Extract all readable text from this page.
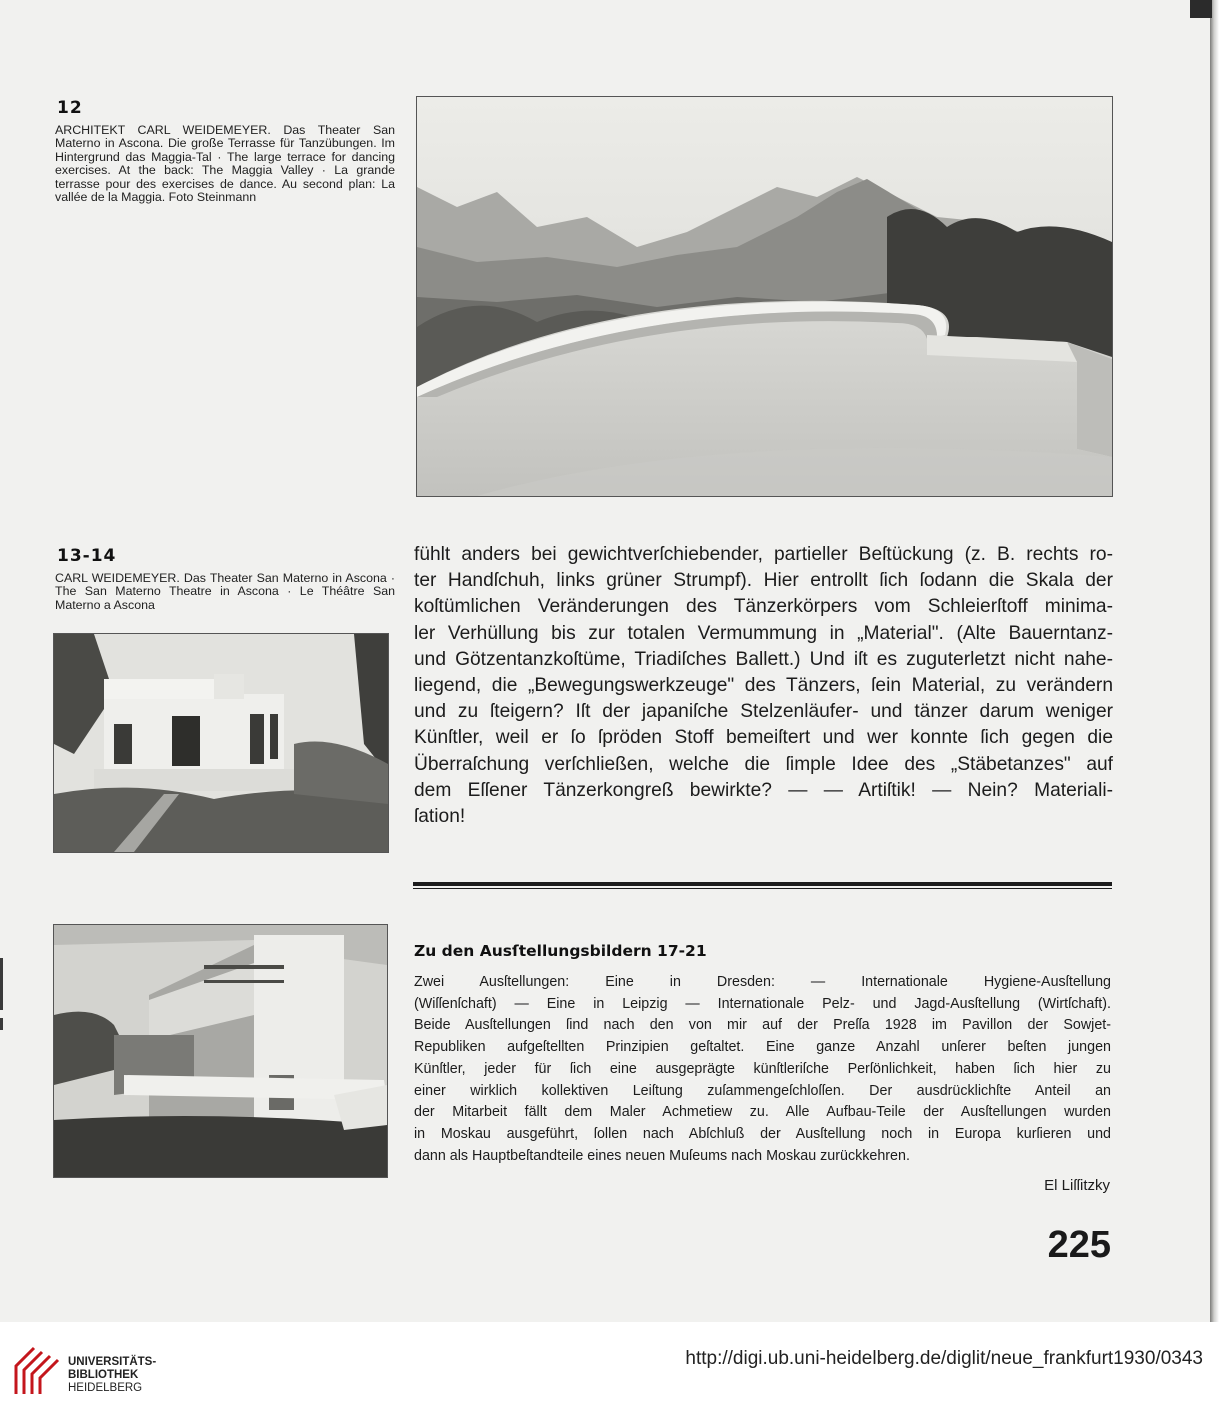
12

ARCHITEKT CARL WEIDEMEYER. Das Theater San Materno in Ascona. Die große Terrasse für Tanzübungen. Im Hintergrund das Maggia-Tal · The large terrace for dancing exercises. At the back: The Maggia Valley · La grande terrasse pour des exercises de dance. Au second plan: La vallée de la Maggia. Foto Steinmann

13-14

CARL WEIDEMEYER. Das Theater San Materno in Ascona · The San Materno Theatre in Ascona · Le Théâtre San Materno a Ascona

fühlt anders bei gewichtverſchiebender, partieller Beſtückung (z. B. rechts ro-
ter Handſchuh, links grüner Strumpf). Hier entrollt ſich ſodann die Skala der
koſtümlichen Veränderungen des Tänzerkörpers vom Schleierſtoff minima-
ler Verhüllung bis zur totalen Vermummung in „Material". (Alte Bauerntanz-
und Götzentanzkoſtüme, Triadiſches Ballett.) Und iſt es zuguterletzt nicht nahe-
liegend, die „Bewegungswerkzeuge" des Tänzers, ſein Material, zu verändern
und zu ſteigern? Iſt der japaniſche Stelzenläufer- und tänzer darum weniger
Künſtler, weil er ſo ſpröden Stoff bemeiſtert und wer konnte ſich gegen die
Überraſchung verſchließen, welche die ſimple Idee des „Stäbetanzes" auf
dem Eſſener Tänzerkongreß bewirkte? — — Artiſtik! — Nein? Materiali-
ſation!
Zu den Ausſtellungsbildern 17-21
Zwei Ausſtellungen: Eine in Dresden: — Internationale Hygiene-Ausſtellung
(Wiſſenſchaft) — Eine in Leipzig — Internationale Pelz- und Jagd-Ausſtellung (Wirtſchaft).
Beide Ausſtellungen ſind nach den von mir auf der Preſſa 1928 im Pavillon der Sowjet-
Republiken aufgeſtellten Prinzipien geſtaltet. Eine ganze Anzahl unſerer beſten jungen
Künſtler, jeder für ſich eine ausgeprägte künſtleriſche Perſönlichkeit, haben ſich hier zu
einer wirklich kollektiven Leiſtung zuſammengeſchloſſen. Der ausdrücklichſte Anteil an
der Mitarbeit fällt dem Maler Achmetiew zu. Alle Aufbau-Teile der Ausſtellungen wurden
in Moskau ausgeführt, ſollen nach Abſchluß der Ausſtellung noch in Europa kurſieren und
dann als Hauptbeſtandteile eines neuen Muſeums nach Moskau zurückkehren.

El Liſſitzky

225

UNIVERSITÄTS-
BIBLIOTHEK
HEIDELBERG

http://digi.ub.uni-heidelberg.de/diglit/neue_frankfurt1930/0343
